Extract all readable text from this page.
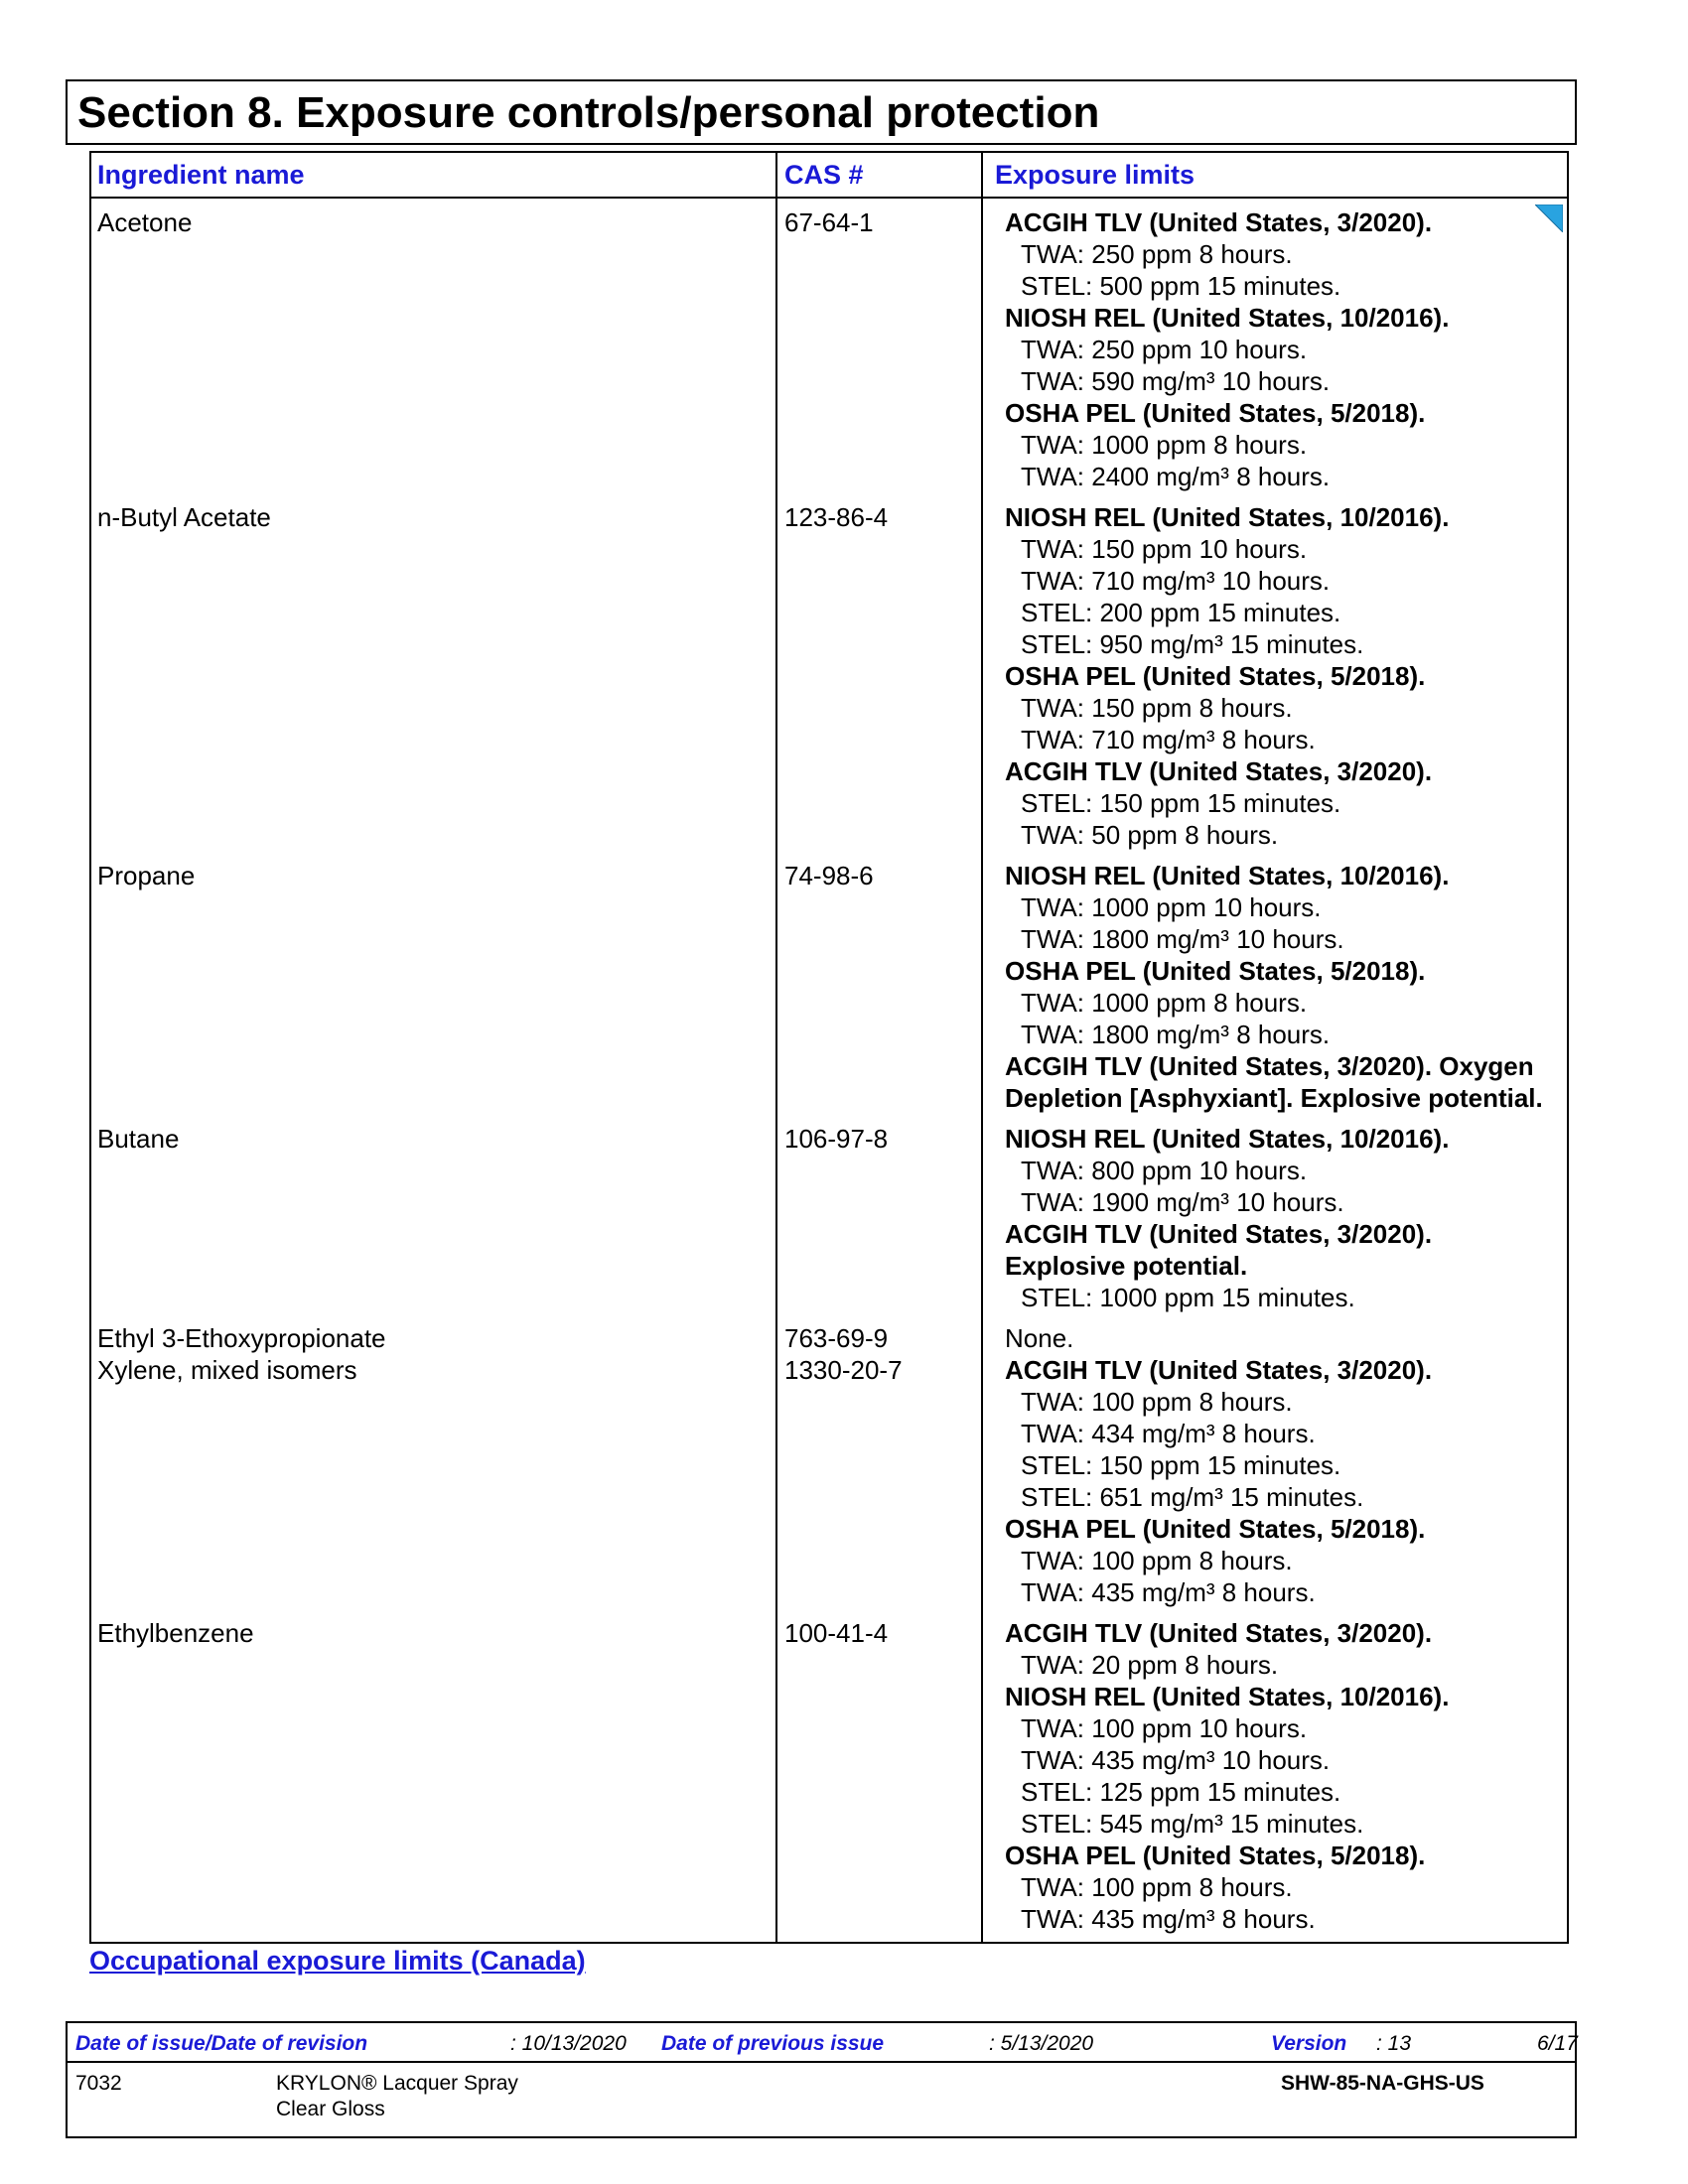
Section 8. Exposure controls/personal protection
Ingredient name	CAS #	Exposure limits
Acetone	67-64-1	ACGIH TLV (United States, 3/2020).
TWA: 250 ppm 8 hours.
STEL: 500 ppm 15 minutes.
NIOSH REL (United States, 10/2016).
TWA: 250 ppm 10 hours.
TWA: 590 mg/m³ 10 hours.
OSHA PEL (United States, 5/2018).
TWA: 1000 ppm 8 hours.
TWA: 2400 mg/m³ 8 hours.
n-Butyl Acetate	123-86-4	NIOSH REL (United States, 10/2016).
TWA: 150 ppm 10 hours.
TWA: 710 mg/m³ 10 hours.
STEL: 200 ppm 15 minutes.
STEL: 950 mg/m³ 15 minutes.
OSHA PEL (United States, 5/2018).
TWA: 150 ppm 8 hours.
TWA: 710 mg/m³ 8 hours.
ACGIH TLV (United States, 3/2020).
STEL: 150 ppm 15 minutes.
TWA: 50 ppm 8 hours.
Propane	74-98-6	NIOSH REL (United States, 10/2016).
TWA: 1000 ppm 10 hours.
TWA: 1800 mg/m³ 10 hours.
OSHA PEL (United States, 5/2018).
TWA: 1000 ppm 8 hours.
TWA: 1800 mg/m³ 8 hours.
ACGIH TLV (United States, 3/2020). Oxygen
Depletion [Asphyxiant]. Explosive potential.
Butane	106-97-8	NIOSH REL (United States, 10/2016).
TWA: 800 ppm 10 hours.
TWA: 1900 mg/m³ 10 hours.
ACGIH TLV (United States, 3/2020).
Explosive potential.
STEL: 1000 ppm 15 minutes.
Ethyl 3-Ethoxypropionate	763-69-9	None.
Xylene, mixed isomers	1330-20-7	ACGIH TLV (United States, 3/2020).
TWA: 100 ppm 8 hours.
TWA: 434 mg/m³ 8 hours.
STEL: 150 ppm 15 minutes.
STEL: 651 mg/m³ 15 minutes.
OSHA PEL (United States, 5/2018).
TWA: 100 ppm 8 hours.
TWA: 435 mg/m³ 8 hours.
Ethylbenzene	100-41-4	ACGIH TLV (United States, 3/2020).
TWA: 20 ppm 8 hours.
NIOSH REL (United States, 10/2016).
TWA: 100 ppm 10 hours.
TWA: 435 mg/m³ 10 hours.
STEL: 125 ppm 15 minutes.
STEL: 545 mg/m³ 15 minutes.
OSHA PEL (United States, 5/2018).
TWA: 100 ppm 8 hours.
TWA: 435 mg/m³ 8 hours.
Occupational exposure limits (Canada)
Date of issue/Date of revision	: 10/13/2020 Date of previous issue	: 5/13/2020	Version : 13	6/17
7032	KRYLON® Lacquer Spray
Clear Gloss
SHW-85-NA-GHS-US
